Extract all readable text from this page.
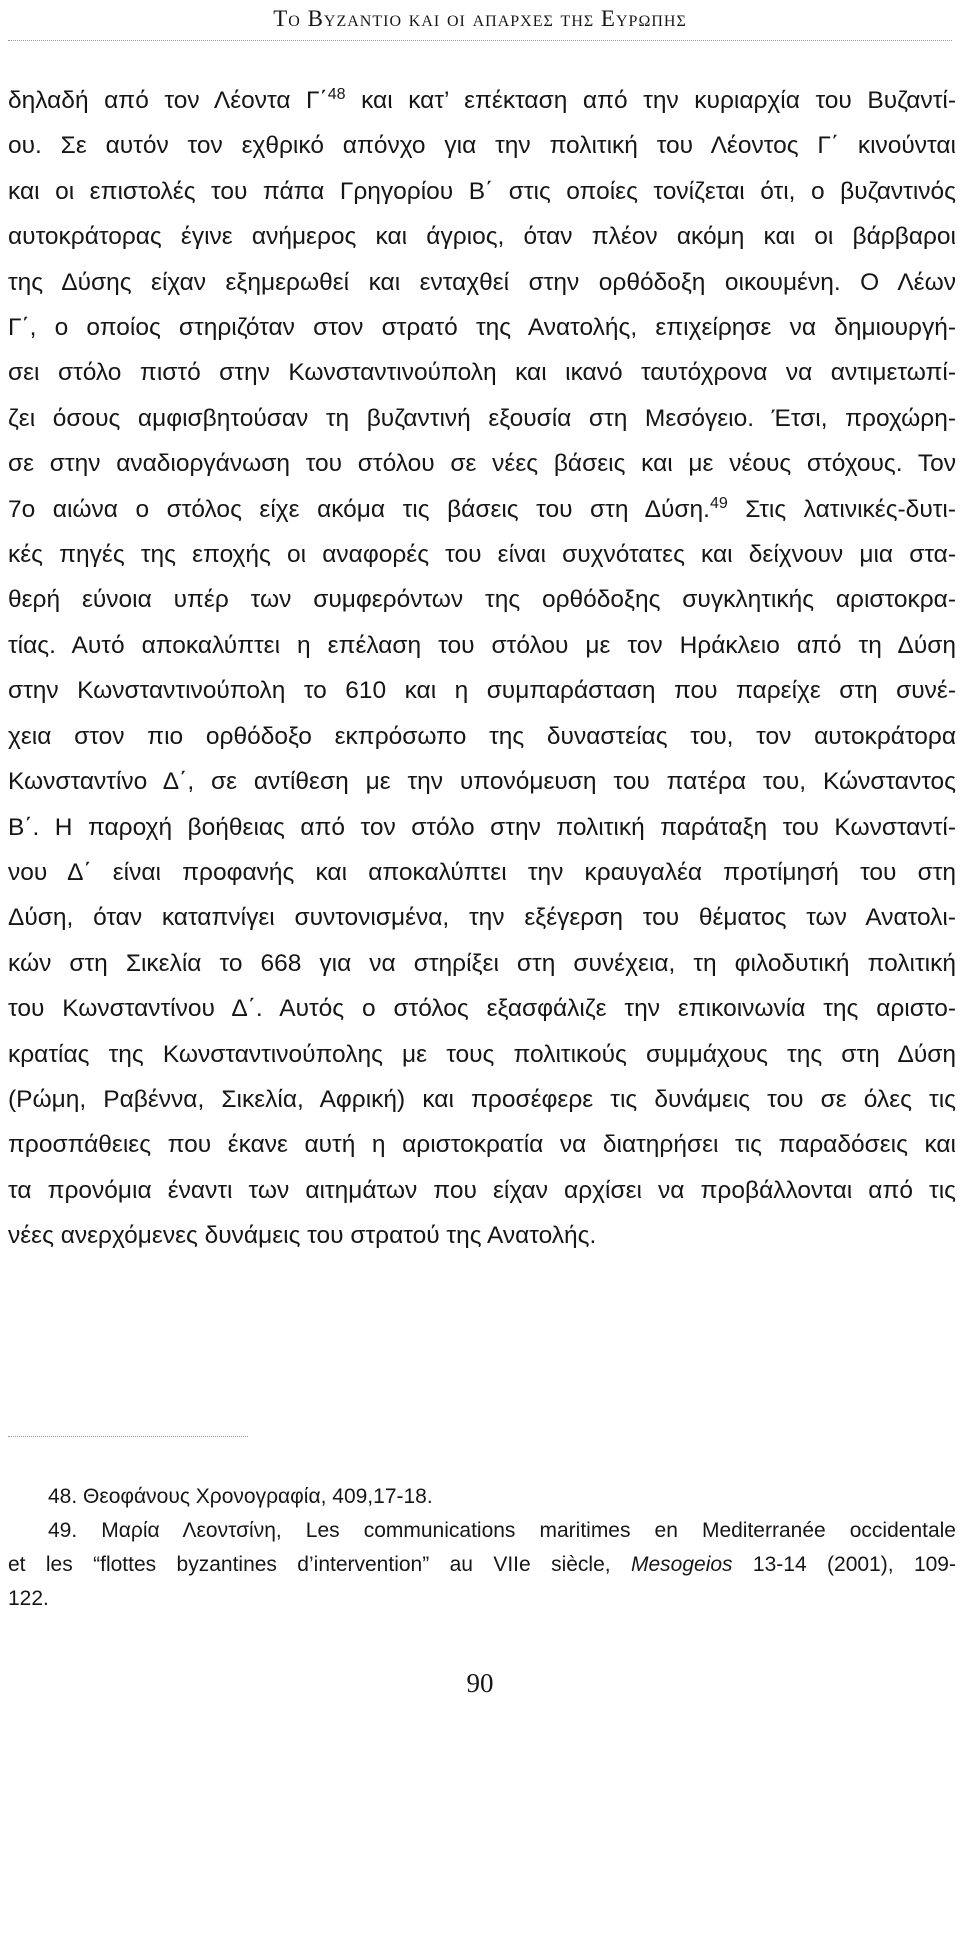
Το Βυζαντιο και οι απαρχες της Ευρωπης
δηλαδή από τον Λέοντα Γ΄$^{48}$ και κατ’ επέκταση από την κυριαρχία του Βυζαντί-
ου. Σε αυτόν τον εχθρικό απόνχο για την πολιτική του Λέοντος Γ΄ κινούνται
και οι επιστολές του πάπα Γρηγορίου Β΄ στις οποίες τονίζεται ότι, ο βυζαντινός
αυτοκράτορας έγινε ανήμερος και άγριος, όταν πλέον ακόμη και οι βάρβαροι
της Δύσης είχαν εξημερωθεί και ενταχθεί στην ορθόδοξη οικουμένη. Ο Λέων
Γ΄, ο οποίος στηριζόταν στον στρατό της Ανατολής, επιχείρησε να δημιουργή-
σει στόλο πιστό στην Κωνσταντινούπολη και ικανό ταυτόχρονα να αντιμετωπί-
ζει όσους αμφισβητούσαν τη βυζαντινή εξουσία στη Μεσόγειο. Έτσι, προχώρη-
σε στην αναδιοργάνωση του στόλου σε νέες βάσεις και με νέους στόχους. Τον
7ο αιώνα ο στόλος είχε ακόμα τις βάσεις του στη Δύση.$^{49}$ Στις λατινικές-δυτι-
κές πηγές της εποχής οι αναφορές του είναι συχνότατες και δείχνουν μια στα-
θερή εύνοια υπέρ των συμφερόντων της ορθόδοξης συγκλητικής αριστοκρα-
τίας. Αυτό αποκαλύπτει η επέλαση του στόλου με τον Ηράκλειο από τη Δύση
στην Κωνσταντινούπολη το 610 και η συμπαράσταση που παρείχε στη συνέ-
χεια στον πιο ορθόδοξο εκπρόσωπο της δυναστείας του, τον αυτοκράτορα
Κωνσταντίνο Δ΄, σε αντίθεση με την υπονόμευση του πατέρα του, Κώνσταντος
Β΄. Η παροχή βοήθειας από τον στόλο στην πολιτική παράταξη του Κωνσταντί-
νου Δ΄ είναι προφανής και αποκαλύπτει την κραυγαλέα προτίμησή του στη
Δύση, όταν καταπνίγει συντονισμένα, την εξέγερση του θέματος των Ανατολι-
κών στη Σικελία το 668 για να στηρίξει στη συνέχεια, τη φιλοδυτική πολιτική
του Κωνσταντίνου Δ΄. Αυτός ο στόλος εξασφάλιζε την επικοινωνία της αριστο-
κρατίας της Κωνσταντινούπολης με τους πολιτικούς συμμάχους της στη Δύση
(Ρώμη, Ραβέννα, Σικελία, Αφρική) και προσέφερε τις δυνάμεις του σε όλες τις
προσπάθειες που έκανε αυτή η αριστοκρατία να διατηρήσει τις παραδόσεις και
τα προνόμια έναντι των αιτημάτων που είχαν αρχίσει να προβάλλονται από τις
νέες ανερχόμενες δυνάμεις του στρατού της Ανατολής.
48. Θεοφάνους Χρονογραφία, 409,17-18.
49. Μαρία Λεοντσίνη, Les communications maritimes en Mediterranée occidentale
et les “flottes byzantines d’intervention” au VIIe siècle, Mesogeios 13-14 (2001), 109-
122.
90
